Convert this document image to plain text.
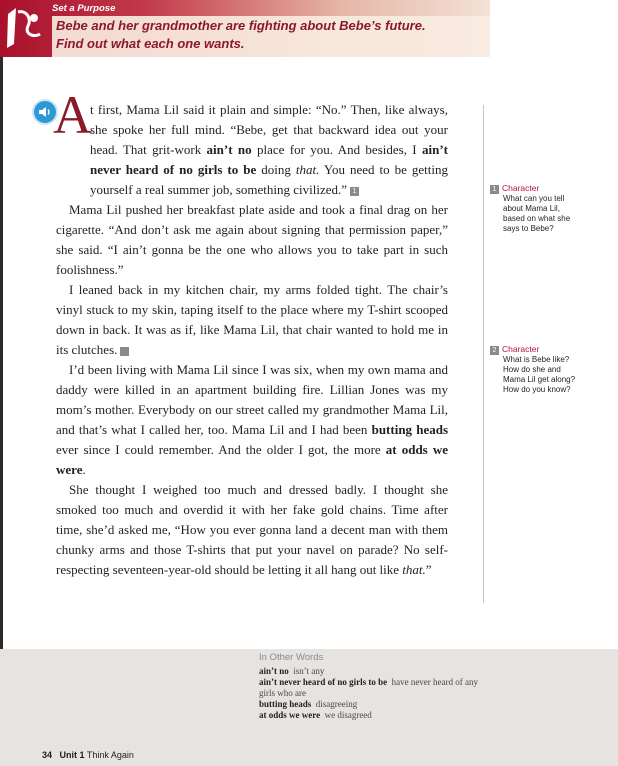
Set a Purpose
Bebe and her grandmother are fighting about Bebe’s future.
Find out what each one wants.
A

t first, Mama Lil said it plain and simple: “No.” Then, like always, she spoke her full mind. “Bebe, get that backward idea out your head. That grit-work ain’t no place for you. And besides, I ain’t never heard of no girls to be doing that. You need to be getting yourself a real summer job, something civilized.” 1

Mama Lil pushed her breakfast plate aside and took a final drag on her cigarette. “And don’t ask me again about signing that permission paper,” she said. “I ain’t gonna be the one who allows you to take part in such foolishness.”

I leaned back in my kitchen chair, my arms folded tight. The chair’s vinyl stuck to my skin, taping itself to the place where my T-shirt scooped down in back. It was as if, like Mama Lil, that chair wanted to hold me in its clutches. 2

I’d been living with Mama Lil since I was six, when my own mama and daddy were killed in an apartment building fire. Lillian Jones was my mom’s mother. Everybody on our street called my grandmother Mama Lil, and that’s what I called her, too. Mama Lil and I had been butting heads ever since I could remember. And the older I got, the more at odds we were.

She thought I weighed too much and dressed badly. I thought she smoked too much and overdid it with her fake gold chains. Time after time, she’d asked me, “How you ever gonna land a decent man with them chunky arms and those T-shirts that put your navel on parade? No self-respecting seventeen-year-old should be letting it all hang out like that.”

1 Character
What can you tell about Mama Lil, based on what she says to Bebe?
2 Character
What is Bebe like? How do she and Mama Lil get along? How do you know?
In Other Words
ain’t no isn’t any
ain’t never heard of no girls to be have never heard of any girls who are
butting heads disagreeing
at odds we were we disagreed
34 Unit 1 Think Again
